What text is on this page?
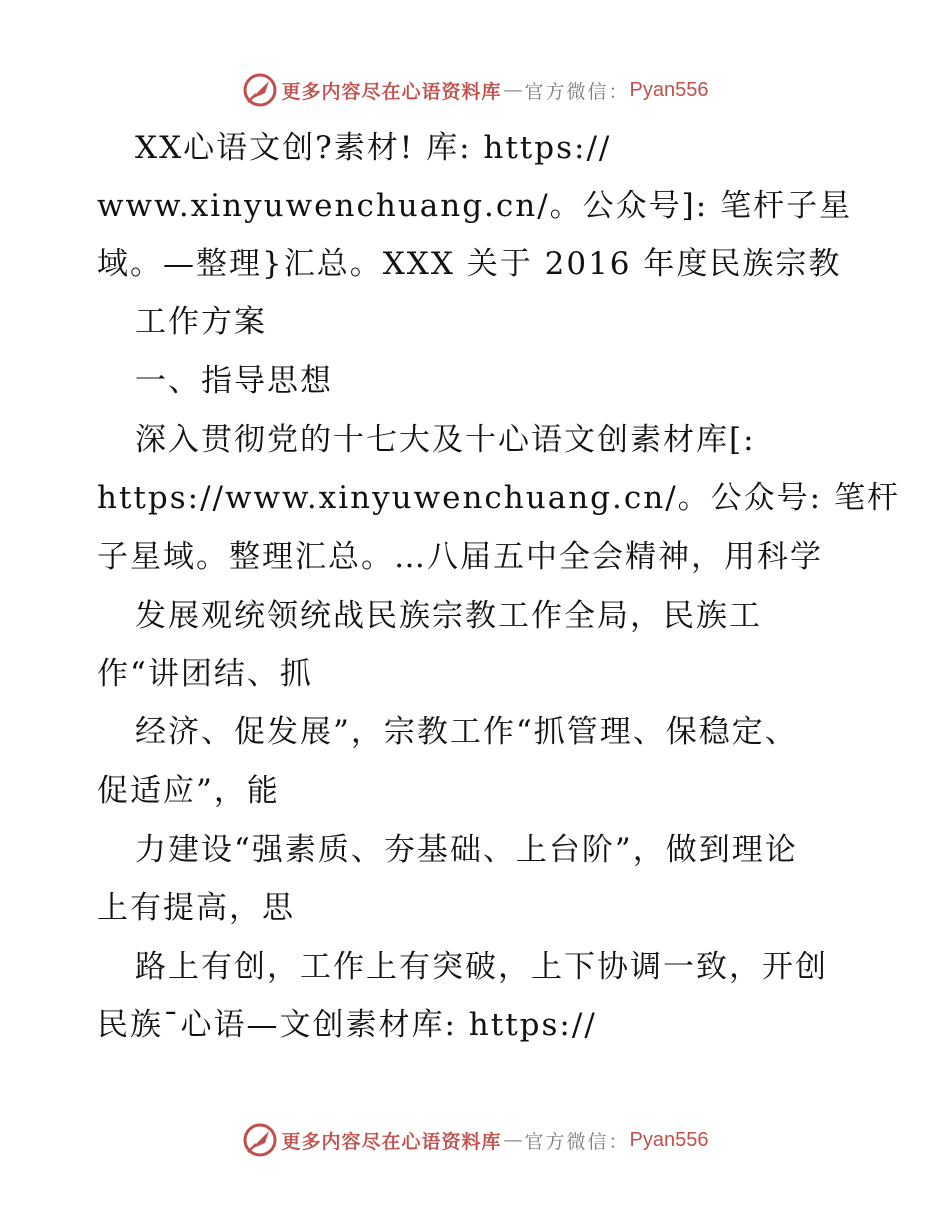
更多内容尽在心语资料库 — 官方微信： Pyan556
XX心语文创?素材! 库: https://
www.xinyuwenchuang.cn/。公众号]: 笔杆子星
域。—整理}汇总。XXX 关于 2016 年度民族宗教
工作方案
一、指导思想
深入贯彻党的十七大及十心语文创素材库[:
https://www.xinyuwenchuang.cn/。公众号: 笔杆
子星域。整理汇总。…八届五中全会精神，用科学
发展观统领统战民族宗教工作全局，民族工
作“讲团结、抓
经济、促发展”，宗教工作“抓管理、保稳定、
促适应”，能
力建设“强素质、夯基础、上台阶”，做到理论
上有提高，思
路上有创，工作上有突破，上下协调一致，开创
民族¯心语—文创素材库: https://
更多内容尽在心语资料库 — 官方微信： Pyan556
